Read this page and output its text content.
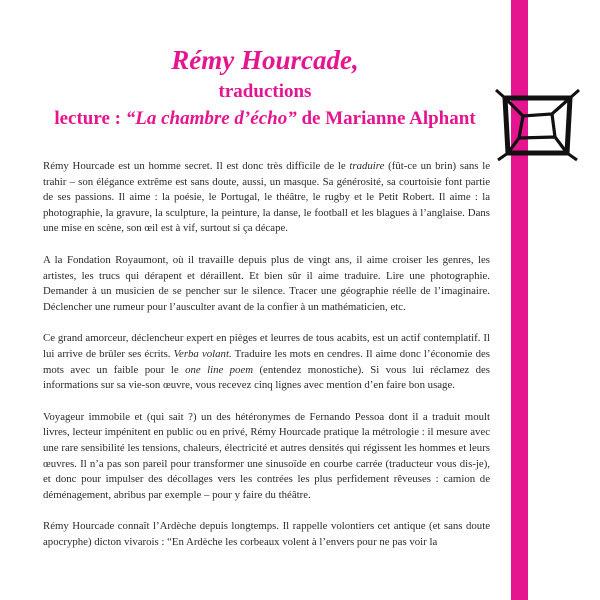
Rémy Hourcade,
traductions
lecture : “La chambre d’écho” de Marianne Alphant

Rémy Hourcade est un homme secret. Il est donc très difficile de le traduire (fût-ce un brin) sans le trahir – son élégance extrême est sans doute, aussi, un masque. Sa générosité, sa courtoisie font partie de ses passions. Il aime : la poésie, le Portugal, le théâtre, le rugby et le Petit Robert. Il aime : la photographie, la gravure, la sculpture, la peinture, la danse, le football et les blagues à l’anglaise. Dans une mise en scène, son œil est à vif, surtout si ça décape.

A la Fondation Royaumont, où il travaille depuis plus de vingt ans, il aime croiser les genres, les artistes, les trucs qui dérapent et déraillent. Et bien sûr il aime traduire. Lire une photographie. Demander à un musicien de se pencher sur le silence. Tracer une géographie réelle de l’imaginaire. Déclencher une rumeur pour l’ausculter avant de la confier à un mathématicien, etc.

Ce grand amorceur, déclencheur expert en pièges et leurres de tous acabits, est un actif contemplatif. Il lui arrive de brûler ses écrits. Verba volant. Traduire les mots en cendres. Il aime donc l’économie des mots avec un faible pour le one line poem (entendez monostiche). Si vous lui réclamez des informations sur sa vie-son œuvre, vous recevez cinq lignes avec mention d’en faire bon usage.

Voyageur immobile et (qui sait ?) un des hétéronymes de Fernando Pessoa dont il a traduit moult livres, lecteur impénitent en public ou en privé, Rémy Hourcade pratique la métrologie : il mesure avec une rare sensibilité les tensions, chaleurs, électricité et autres densités qui régissent les hommes et leurs œuvres. Il n’a pas son pareil pour transformer une sinusoïde en courbe carrée (traducteur vous dis-je), et donc pour impulser des décollages vers les contrées les plus perfidement rêveuses : camion de déménagement, abribus par exemple – pour y faire du théâtre.

Rémy Hourcade connaît l’Ardèche depuis longtemps. Il rappelle volontiers cet antique (et sans doute apocryphe) dicton vivarois : “En Ardèche les corbeaux volent à l’envers pour ne pas voir la
